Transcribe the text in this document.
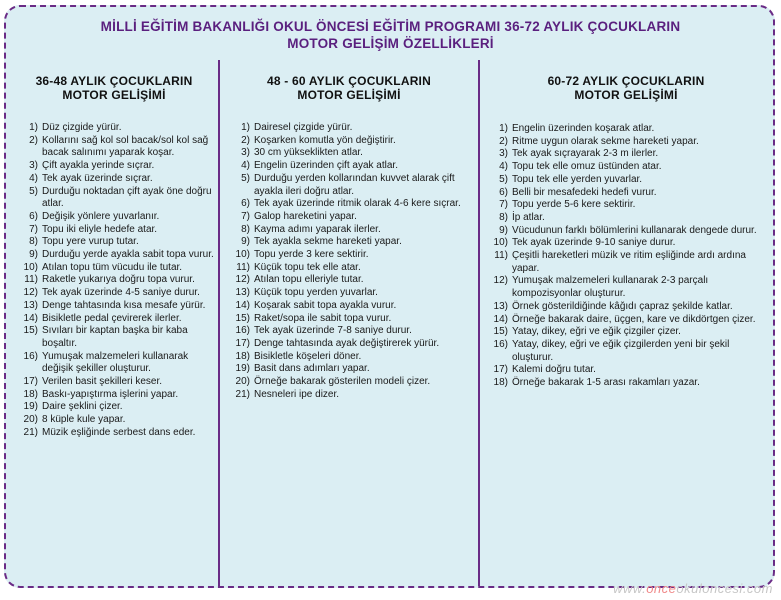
MİLLİ EĞİTİM BAKANLIĞI OKUL ÖNCESİ EĞİTİM PROGRAMI 36-72 AYLIK ÇOCUKLARIN
MOTOR GELİŞİM ÖZELLİKLERİ
36-48 AYLIK ÇOCUKLARIN
MOTOR GELİŞİMİ
1) Düz çizgide yürür.
2) Kollarını sağ kol sol bacak/sol kol sağ bacak salınımı yaparak koşar.
3) Çift ayakla yerinde sıçrar.
4) Tek ayak üzerinde sıçrar.
5) Durduğu noktadan çift ayak öne doğru atlar.
6) Değişik yönlere yuvarlanır.
7) Topu iki eliyle hedefe atar.
8) Topu yere vurup tutar.
9) Durduğu yerde ayakla sabit topa vurur.
10) Atılan topu tüm vücudu ile tutar.
11) Raketle yukarıya doğru topa vurur.
12) Tek ayak üzerinde 4-5 saniye durur.
13) Denge tahtasında kısa mesafe yürür.
14) Bisikletle pedal çevirerek ilerler.
15) Sıvıları bir kaptan başka bir kaba boşaltır.
16) Yumuşak malzemeleri kullanarak değişik şekiller oluşturur.
17) Verilen basit şekilleri keser.
18) Baskı-yapıştırma işlerini yapar.
19) Daire şeklini çizer.
20) 8 küple kule yapar.
21) Müzik eşliğinde serbest dans eder.
48 - 60 AYLIK ÇOCUKLARIN
MOTOR GELİŞİMİ
1) Dairesel çizgide yürür.
2) Koşarken komutla yön değiştirir.
3) 30 cm yükseklikten atlar.
4) Engelin üzerinden çift ayak atlar.
5) Durduğu yerden kollarından kuvvet alarak çift ayakla ileri doğru atlar.
6) Tek ayak üzerinde ritmik olarak 4-6 kere sıçrar.
7) Galop hareketini yapar.
8) Kayma adımı yaparak ilerler.
9) Tek ayakla sekme hareketi yapar.
10) Topu yerde 3 kere sektirir.
11) Küçük topu tek elle atar.
12) Atılan topu elleriyle tutar.
13) Küçük topu yerden yuvarlar.
14) Koşarak sabit topa ayakla vurur.
15) Raket/sopa ile sabit topa vurur.
16) Tek ayak üzerinde 7-8 saniye durur.
17) Denge tahtasında ayak değiştirerek yürür.
18) Bisikletle köşeleri döner.
19) Basit dans adımları yapar.
20) Örneğe bakarak gösterilen modeli çizer.
21) Nesneleri ipe dizer.
60-72 AYLIK ÇOCUKLARIN
MOTOR GELİŞİMİ
1) Engelin üzerinden koşarak atlar.
2) Ritme uygun olarak sekme hareketi yapar.
3) Tek ayak sıçrayarak 2-3 m ilerler.
4) Topu tek elle omuz üstünden atar.
5) Topu tek elle yerden yuvarlar.
6) Belli bir mesafedeki hedefi vurur.
7) Topu yerde 5-6 kere sektirir.
8) İp atlar.
9) Vücudunun farklı bölümlerini kullanarak dengede durur.
10) Tek ayak üzerinde 9-10 saniye durur.
11) Çeşitli hareketleri müzik ve ritim eşliğinde ardı ardına yapar.
12) Yumuşak malzemeleri kullanarak 2-3 parçalı kompozisyonlar oluşturur.
13) Örnek gösterildiğinde kâğıdı çapraz şekilde katlar.
14) Örneğe bakarak daire, üçgen, kare ve dikdörtgen çizer.
15) Yatay, dikey, eğri ve eğik çizgiler çizer.
16) Yatay, dikey, eğri ve eğik çizgilerden yeni bir şekil oluşturur.
17) Kalemi doğru tutar.
18) Örneğe bakarak 1-5 arası rakamları yazar.
www.onceokuloncesi.com
